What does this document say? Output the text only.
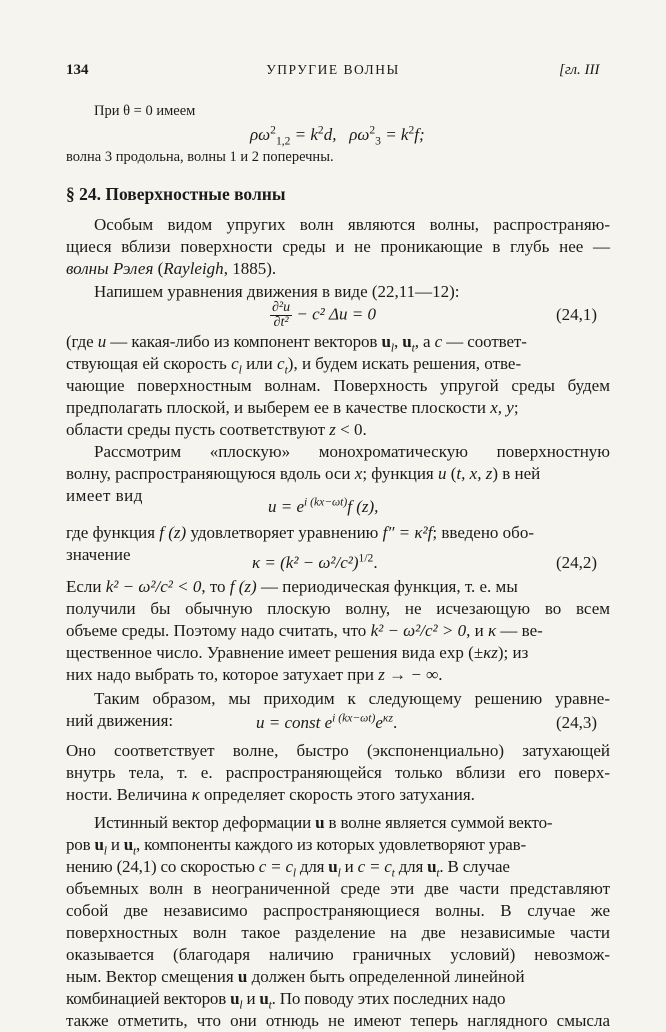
134	УПРУГИЕ ВОЛНЫ	[гл. III
При θ = 0 имеем
$\rho\omega^2_{1,2} = k^2d$, $\rho\omega^2_3 = k^2f$;
волна 3 продольна, волны 1 и 2 поперечны.
§ 24. Поверхностные волны
Особым видом упругих волн являются волны, распространяю-
щиеся вблизи поверхности среды и не проникающие в глубь нее —
волны Рэлея (Rayleigh, 1885).
Напишем уравнения движения в виде (22,11—12):
$\frac{\text{∂²u}}{\text{∂t²}} - c^2$ Δu = 0	(24,1)
(где u — какая-либо из компонент векторов $u_l$, $u_t$, а c — соответ-
ствующая ей скорость $c_l$ или $c_t$), и будем искать решения, отве-
чающие поверхностным волнам. Поверхность упругой среды будем
предполагать плоской, и выберем ее в качестве плоскости x, y;
области среды пусть соответствуют z < 0.
Рассмотрим «плоскую» монохроматическую поверхностную
волну, распространяющуюся вдоль оси x; функция u (t, x, z) в ней
имеет вид
$u = e^{i (kx-\omega t)}f$ (z),
где функция f (z) удовлетворяет уравнению f″ = κ²f; введено обо-
значение	$\kappa = (k^2 - \omega^2/c^2)^{1/2}$.	(24,2)
Если k² − ω²/c² < 0, то f (z) — периодическая функция, т. е. мы
получили бы обычную плоскую волну, не исчезающую во всем
объеме среды. Поэтому надо считать, что k² − ω²/c² > 0, и κ — ве-
щественное число. Уравнение имеет решения вида exp (±κz); из
них надо выбрать то, которое затухает при z → − ∞.
Таким образом, мы приходим к следующему решению уравне-
ний движения:	u = const $e^{i (kx-\omega t)}e^{\kappa z}$.	(24,3)
Оно соответствует волне, быстро (экспоненциально) затухающей
внутрь тела, т. е. распространяющейся только вблизи его поверх-
ности. Величина κ определяет скорость этого затухания.
Истинный вектор деформации u в волне является суммой векто-
ров $u_l$ и $u_t$, компоненты каждого из которых удовлетворяют урав-
нению (24,1) со скоростью $c = c_l$ для $u_l$ и $c = c_t$ для $u_t$. В случае
объемных волн в неограниченной среде эти две части представляют
собой две независимо распространяющиеся волны. В случае же
поверхностных волн такое разделение на две независимые части
оказывается (благодаря наличию граничных условий) невозмож-
ным. Вектор смещения u должен быть определенной линейной
комбинацией векторов $u_l$ и $u_t$. По поводу этих последних надо
также отметить, что они отнюдь не имеют теперь наглядного смысла
